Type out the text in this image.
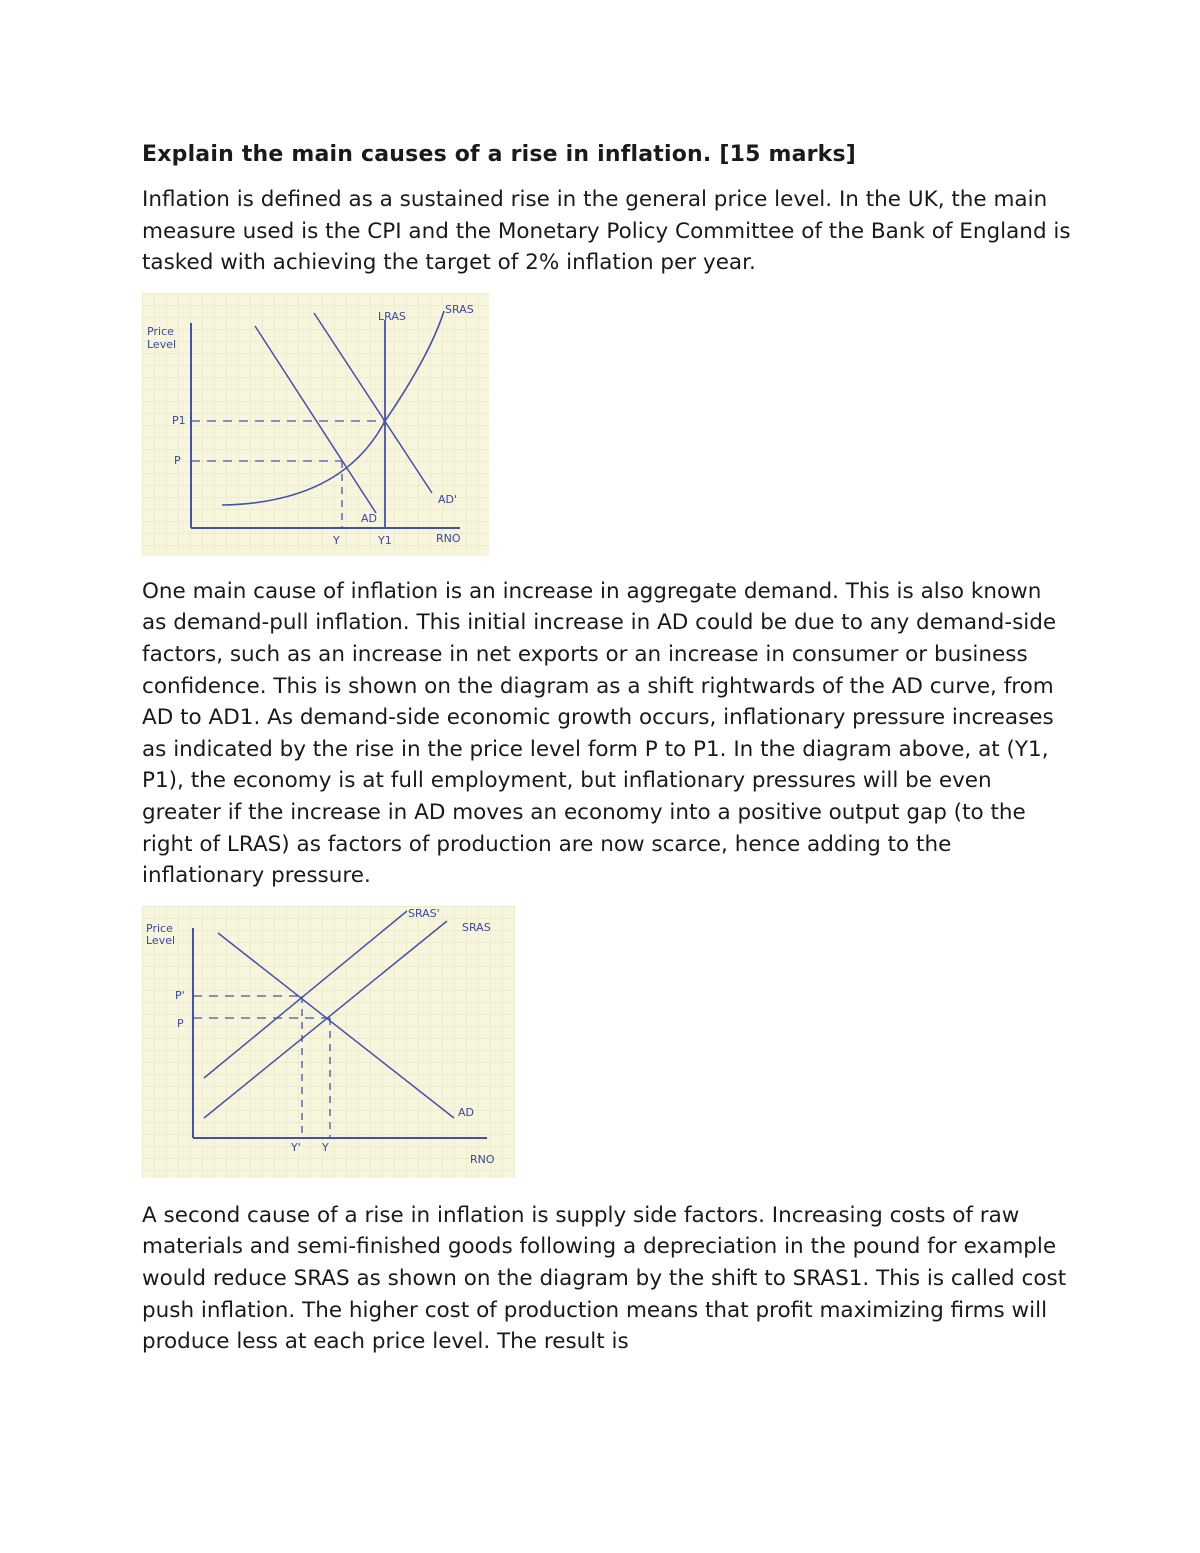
Explain the main causes of a rise in inflation. [15 marks]

Inflation is defined as a sustained rise in the general price level. In the UK, the main measure used is the CPI and the Monetary Policy Committee of the Bank of England is tasked with achieving the target of 2% inflation per year.

Price
Level
LRAS
SRAS
AD
AD'
P1
P
Y	Y1	RNO

One main cause of inflation is an increase in aggregate demand. This is also known as demand-pull inflation. This initial increase in AD could be due to any demand-side factors, such as an increase in net exports or an increase in consumer or business confidence. This is shown on the diagram as a shift rightwards of the AD curve, from AD to AD1. As demand-side economic growth occurs, inflationary pressure increases as indicated by the rise in the price level form P to P1. In the diagram above, at (Y1, P1), the economy is at full employment, but inflationary pressures will be even greater if the increase in AD moves an economy into a positive output gap (to the right of LRAS) as factors of production are now scarce, hence adding to the inflationary pressure.

Price
Level
SRAS'
SRAS
AD
P'
P
Y' Y
RNO

A second cause of a rise in inflation is supply side factors. Increasing costs of raw materials and semi-finished goods following a depreciation in the pound for example would reduce SRAS as shown on the diagram by the shift to SRAS1. This is called cost push inflation. The higher cost of production means that profit maximizing firms will produce less at each price level. The result is
